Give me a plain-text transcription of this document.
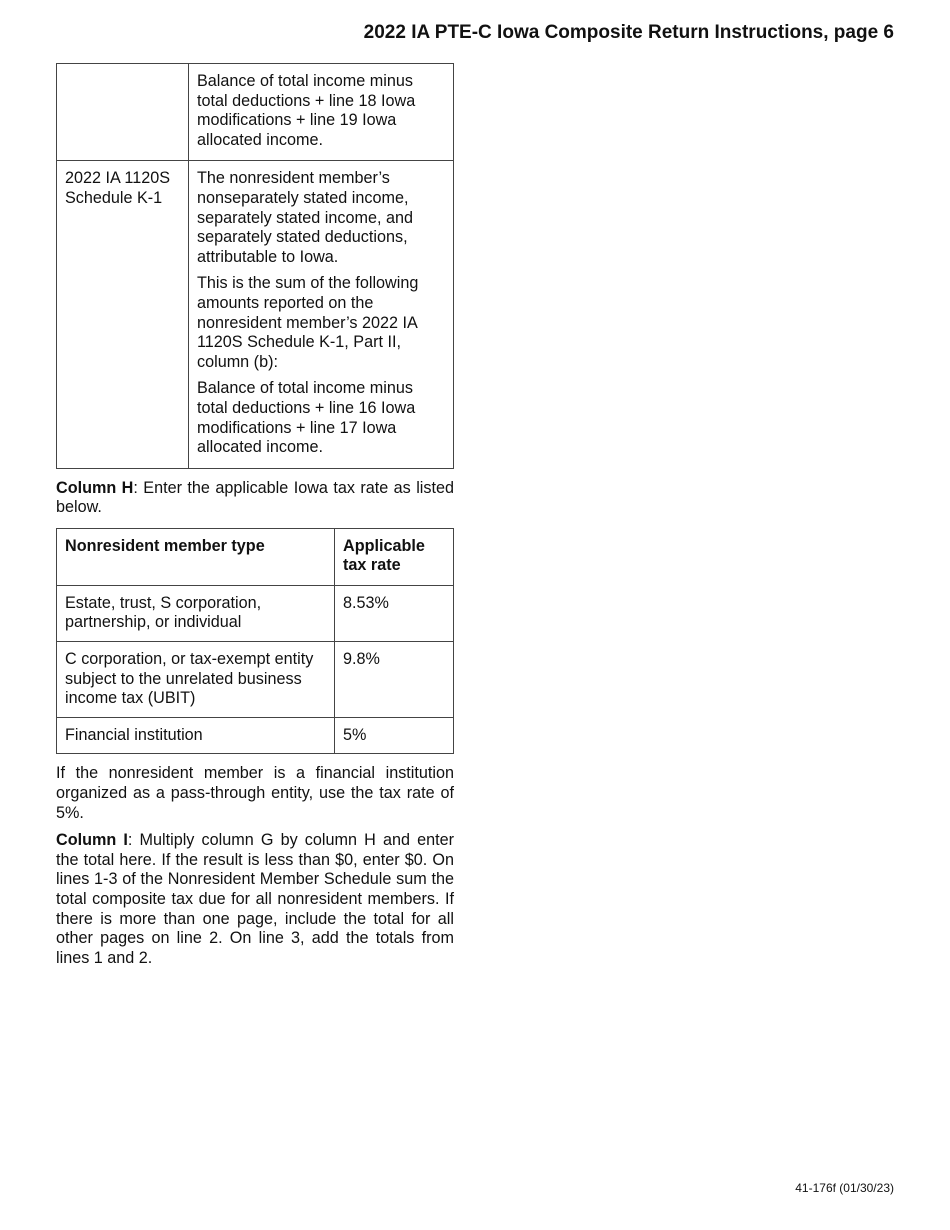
2022 IA PTE-C Iowa Composite Return Instructions, page 6

	Balance of total income minus total deductions + line 18 Iowa modifications + line 19 Iowa allocated income.

2022 IA 1120S Schedule K-1	The nonresident member’s nonseparately stated income, separately stated income, and separately stated deductions, attributable to Iowa.

This is the sum of the following amounts reported on the nonresident member’s 2022 IA 1120S Schedule K-1, Part II, column (b):

Balance of total income minus total deductions + line 16 Iowa modifications + line 17 Iowa allocated income.

Column H: Enter the applicable Iowa tax rate as listed below.

Nonresident member type	Applicable tax rate
Estate, trust, S corporation, partnership, or individual	8.53%
C corporation, or tax-exempt entity subject to the unrelated business income tax (UBIT)	9.8%
Financial institution	5%

If the nonresident member is a financial institution organized as a pass-through entity, use the tax rate of 5%.

Column I: Multiply column G by column H and enter the total here. If the result is less than $0, enter $0. On lines 1-3 of the Nonresident Member Schedule sum the total composite tax due for all nonresident members. If there is more than one page, include the total for all other pages on line 2. On line 3, add the totals from lines 1 and 2.

41-176f (01/30/23)
